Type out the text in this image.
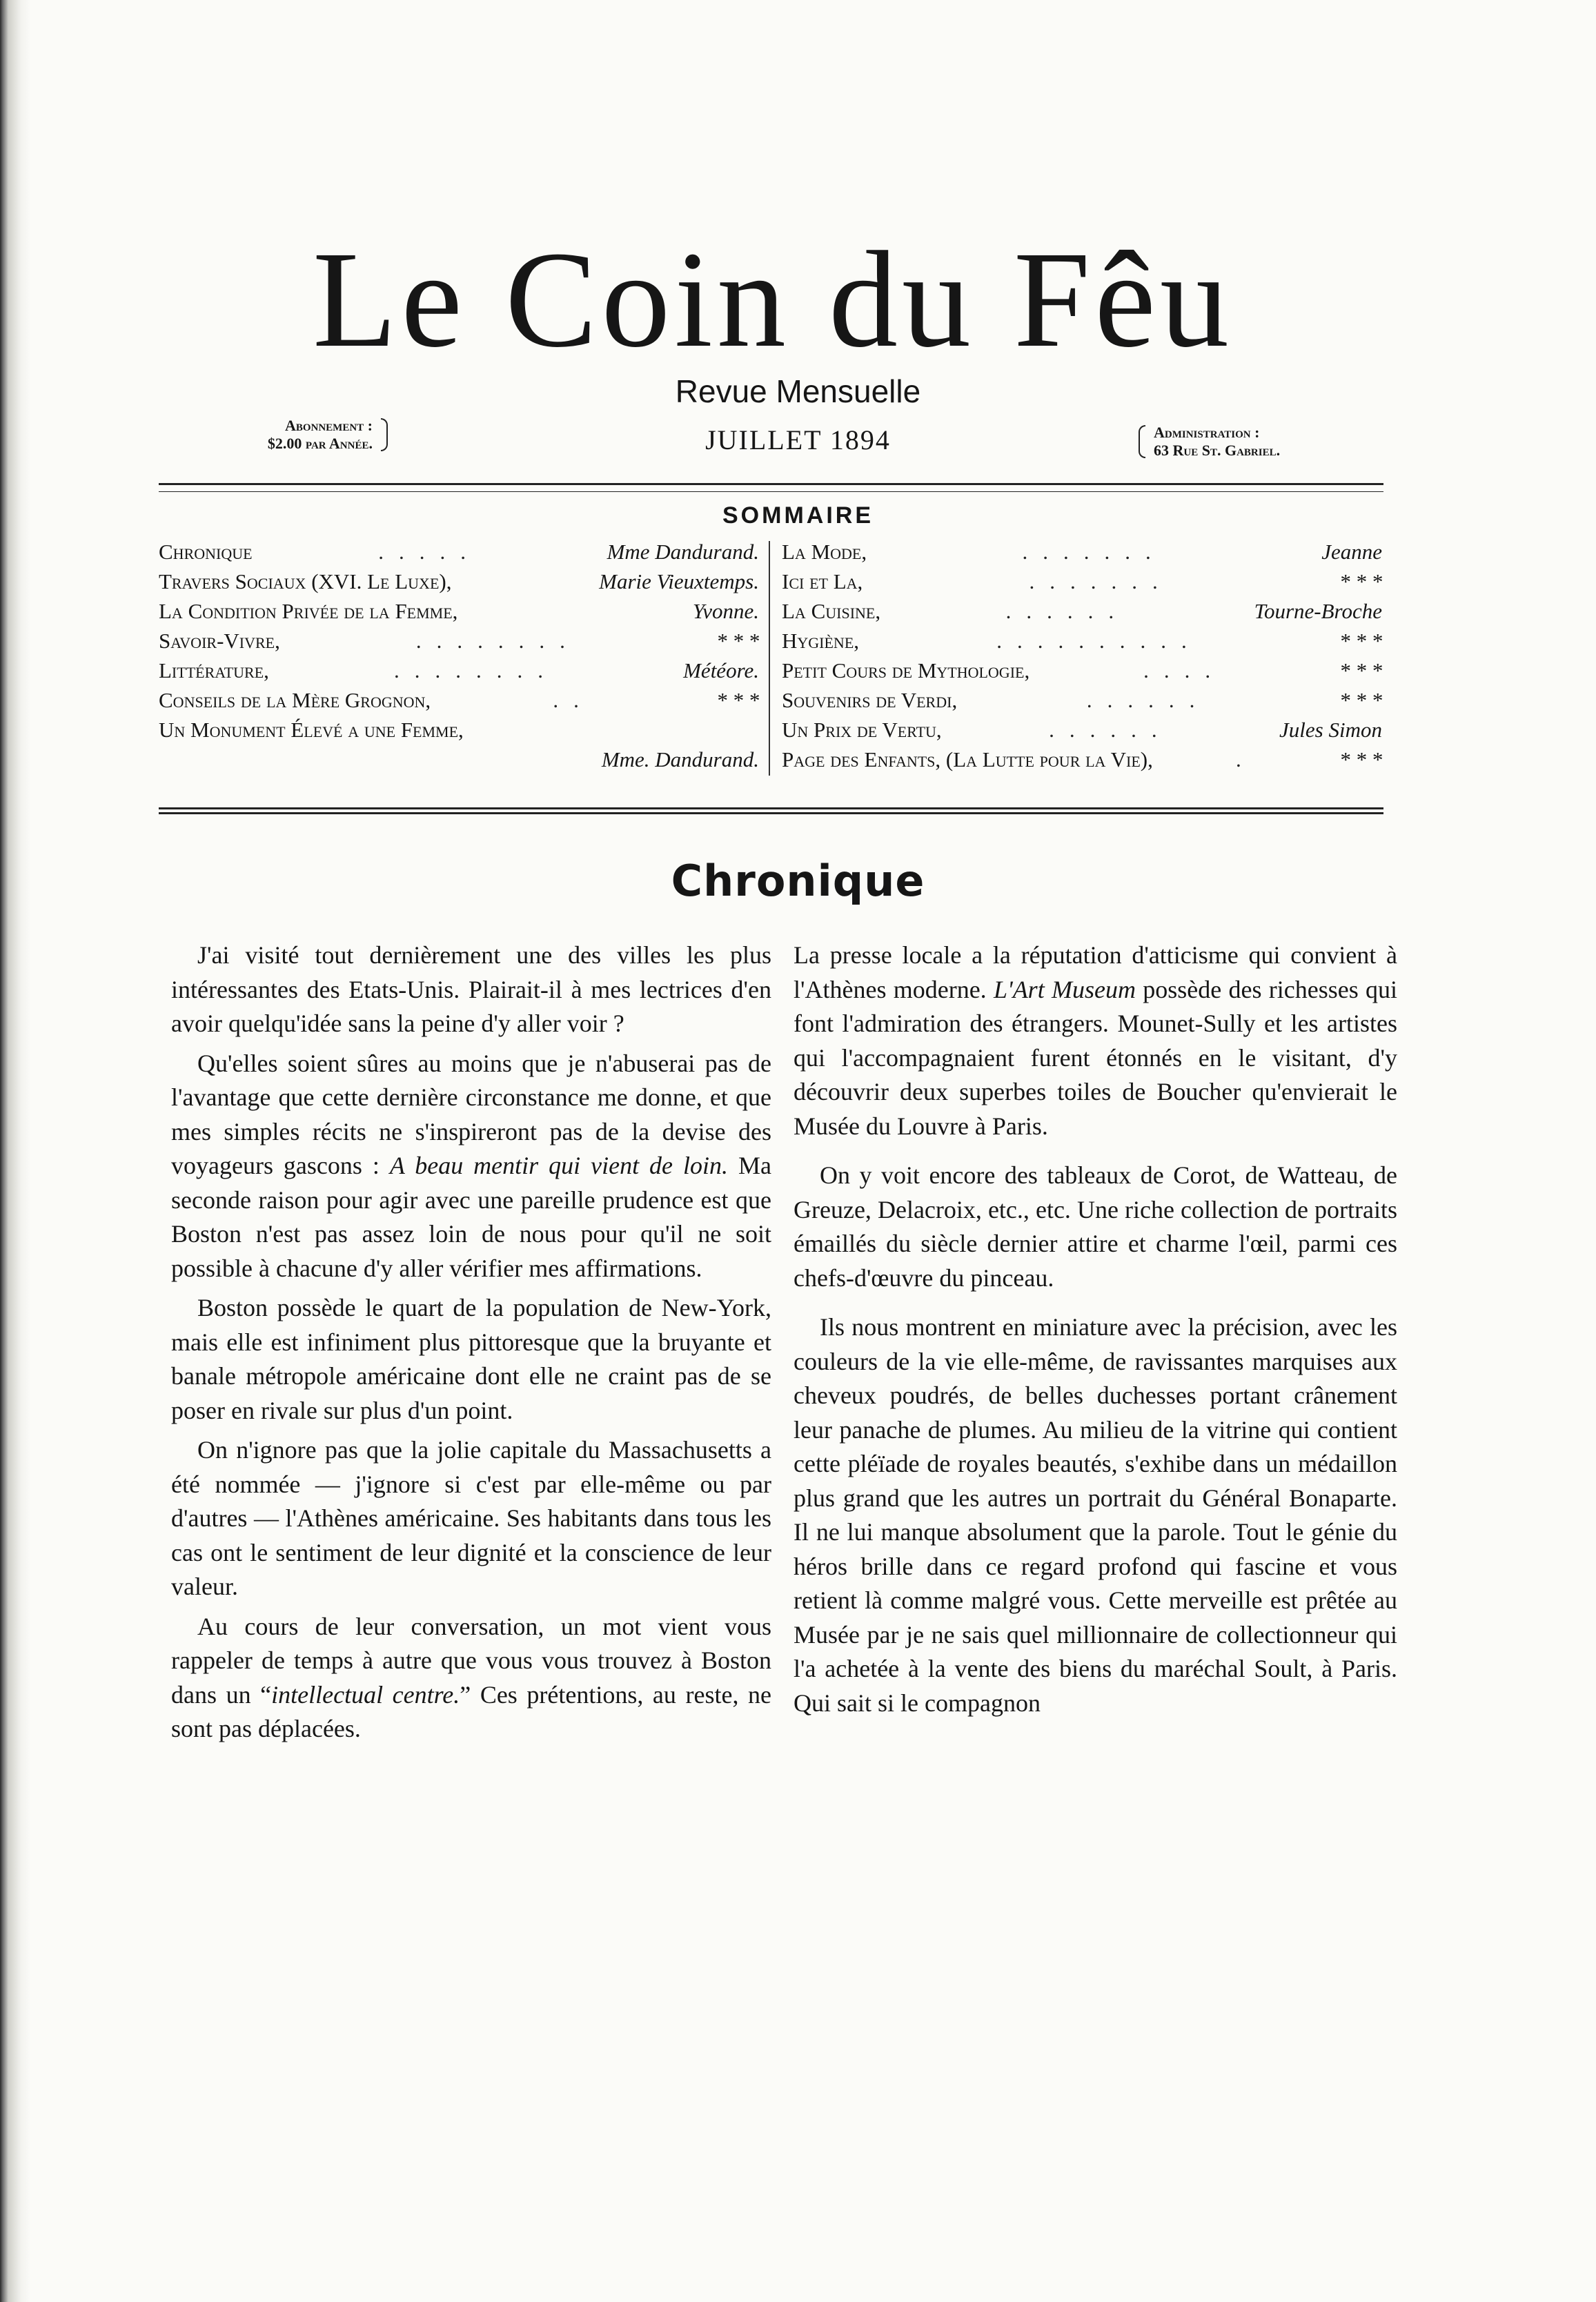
Le Coin du Fêu
Revue Mensuelle
JUILLET 1894
Abonnement :
$2.00 par Année.
Administration :
63 Rue St. Gabriel.
SOMMAIRE
Chronique	.....	Mme Dandurand.
Travers Sociaux (XVI. Le Luxe),	Marie Vieuxtemps.
La Condition Privée de la Femme,	Yvonne.
Savoir-Vivre,	........	* * *
Littérature,	........	Météore.
Conseils de la Mère Grognon,	..	* * *
Un Monument Élevé a une Femme,
Mme. Dandurand.
La Mode,	.......	Jeanne
Ici et La,	.......	* * *
La Cuisine,	......	Tourne-Broche
Hygiène,	..........	* * *
Petit Cours de Mythologie,	....	* * *
Souvenirs de Verdi,	......	* * *
Un Prix de Vertu,	......	Jules Simon
Page des Enfants, (La Lutte pour la Vie),	.	* * *
Chronique

J'ai visité tout dernièrement une des villes les plus intéressantes des Etats-Unis. Plairait-il à mes lectrices d'en avoir quelqu'idée sans la peine d'y aller voir ?

Qu'elles soient sûres au moins que je n'abuserai pas de l'avantage que cette dernière circonstance me donne, et que mes simples récits ne s'inspireront pas de la devise des voyageurs gascons : A beau mentir qui vient de loin. Ma seconde raison pour agir avec une pareille prudence est que Boston n'est pas assez loin de nous pour qu'il ne soit possible à chacune d'y aller vérifier mes affirmations.

Boston possède le quart de la population de New-York, mais elle est infiniment plus pittoresque que la bruyante et banale métropole américaine dont elle ne craint pas de se poser en rivale sur plus d'un point.

On n'ignore pas que la jolie capitale du Massachusetts a été nommée — j'ignore si c'est par elle-même ou par d'autres — l'Athènes américaine. Ses habitants dans tous les cas ont le sentiment de leur dignité et la conscience de leur valeur.

Au cours de leur conversation, un mot vient vous rappeler de temps à autre que vous vous trouvez à Boston dans un “intellectual centre.” Ces prétentions, au reste, ne sont pas déplacées.

La presse locale a la réputation d'atticisme qui convient à l'Athènes moderne. L'Art Museum possède des richesses qui font l'admiration des étrangers. Mounet-Sully et les artistes qui l'accompagnaient furent étonnés en le visitant, d'y découvrir deux superbes toiles de Boucher qu'envierait le Musée du Louvre à Paris.

On y voit encore des tableaux de Corot, de Watteau, de Greuze, Delacroix, etc., etc. Une riche collection de portraits émaillés du siècle dernier attire et charme l'œil, parmi ces chefs-d'œuvre du pinceau.

Ils nous montrent en miniature avec la précision, avec les couleurs de la vie elle-même, de ravissantes marquises aux cheveux poudrés, de belles duchesses portant crânement leur panache de plumes. Au milieu de la vitrine qui contient cette pléïade de royales beautés, s'exhibe dans un médaillon plus grand que les autres un portrait du Général Bonaparte. Il ne lui manque absolument que la parole. Tout le génie du héros brille dans ce regard profond qui fascine et vous retient là comme malgré vous. Cette merveille est prêtée au Musée par je ne sais quel millionnaire de collectionneur qui l'a achetée à la vente des biens du maréchal Soult, à Paris. Qui sait si le compagnon
